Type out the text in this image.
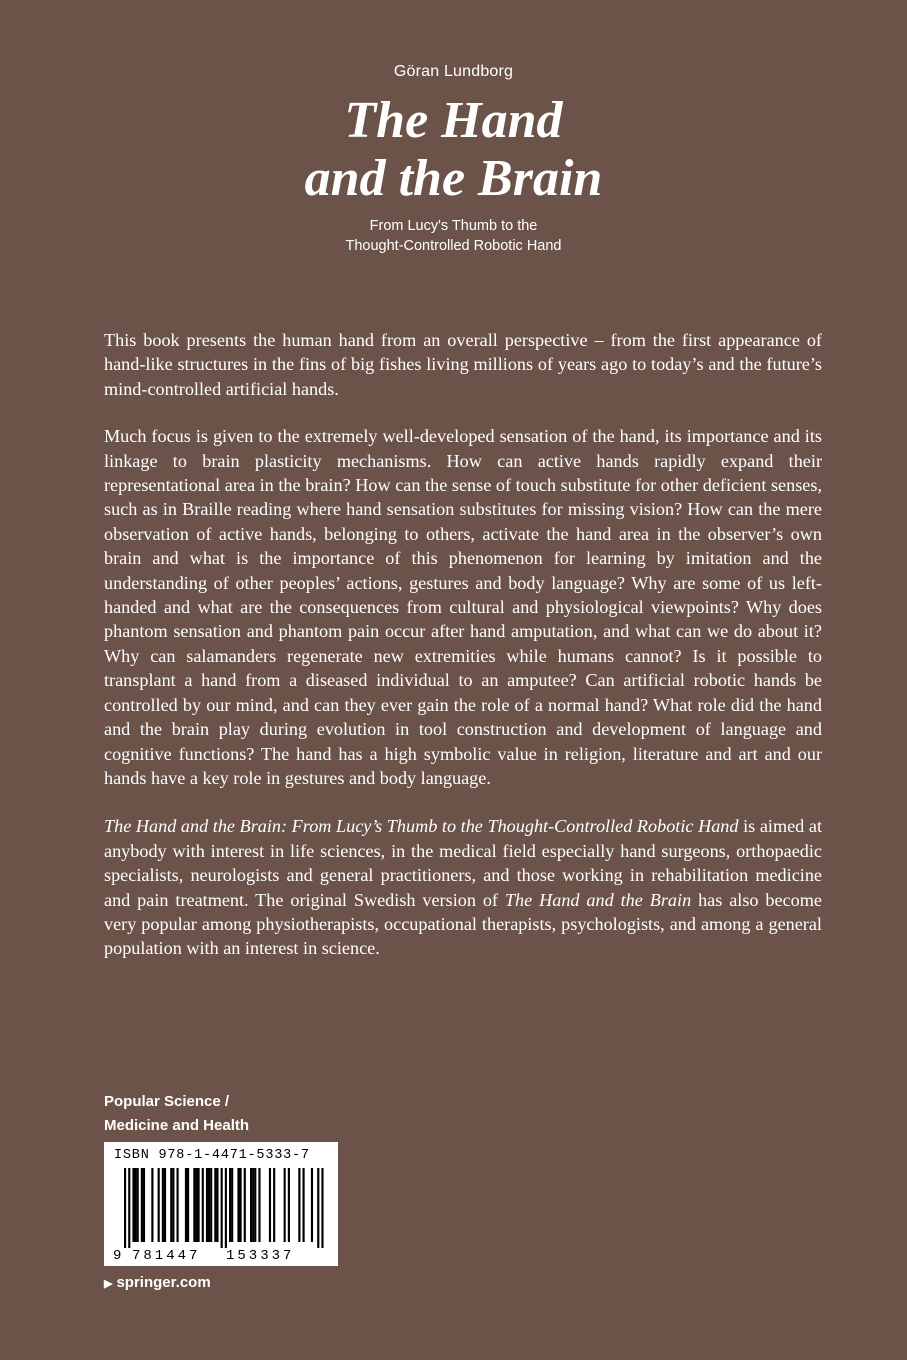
Göran Lundborg
The Hand
and the Brain
From Lucy's Thumb to the
Thought-Controlled Robotic Hand

This book presents the human hand from an overall perspective – from the first appearance of hand-like structures in the fins of big fishes living millions of years ago to today’s and the future’s mind-controlled artificial hands.

Much focus is given to the extremely well-developed sensation of the hand, its importance and its linkage to brain plasticity mechanisms. How can active hands rapidly expand their representational area in the brain? How can the sense of touch substitute for other deficient senses, such as in Braille reading where hand sensation substitutes for missing vision? How can the mere observation of active hands, belonging to others, activate the hand area in the observer’s own brain and what is the importance of this phenomenon for learning by imitation and the understanding of other peoples’ actions, gestures and body language? Why are some of us left-handed and what are the consequences from cultural and physiological viewpoints? Why does phantom sensation and phantom pain occur after hand amputation, and what can we do about it? Why can salamanders regenerate new extremities while humans cannot? Is it possible to transplant a hand from a diseased individual to an amputee? Can artificial robotic hands be controlled by our mind, and can they ever gain the role of a normal hand? What role did the hand and the brain play during evolution in tool construction and development of language and cognitive functions? The hand has a high symbolic value in religion, literature and art and our hands have a key role in gestures and body language.

The Hand and the Brain: From Lucy’s Thumb to the Thought-Controlled Robotic Hand is aimed at anybody with interest in life sciences, in the medical field especially hand surgeons, orthopaedic specialists, neurologists and general practitioners, and those working in rehabilitation medicine and pain treatment. The original Swedish version of The Hand and the Brain has also become very popular among physiotherapists, occupational therapists, psychologists, and among a general population with an interest in science.

Popular Science /
Medicine and Health
9 781447 153337
ISBN 978-1-4471-5333-7
▶ springer.com
